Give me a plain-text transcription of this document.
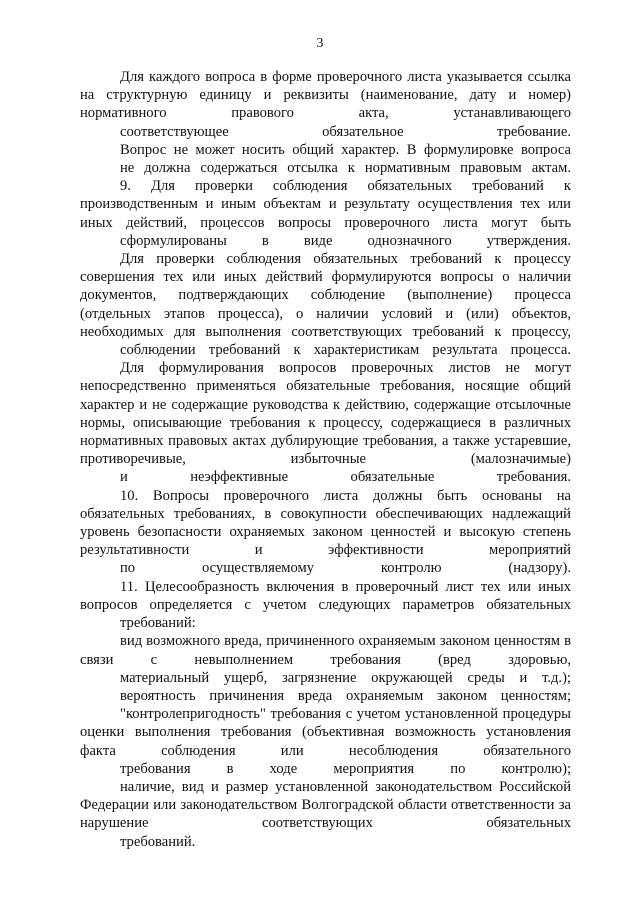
3

Для каждого вопроса в форме проверочного листа указывается ссылка на структурную единицу и реквизиты (наименование, дату и номер) нормативного правового акта, устанавливающего
соответствующее обязательное требование.

Вопрос не может носить общий характер. В формулировке вопроса
не должна содержаться отсылка к нормативным правовым актам.

9. Для проверки соблюдения обязательных требований к производственным и иным объектам и результату осуществления тех или иных действий, процессов вопросы проверочного листа могут быть
сформулированы в виде однозначного утверждения.

Для проверки соблюдения обязательных требований к процессу совершения тех или иных действий формулируются вопросы о наличии документов, подтверждающих соблюдение (выполнение) процесса (отдельных этапов процесса), о наличии условий и (или) объектов, необходимых для выполнения соответствующих требований к процессу,
соблюдении требований к характеристикам результата процесса.

Для формулирования вопросов проверочных листов не могут непосредственно применяться обязательные требования, носящие общий характер и не содержащие руководства к действию, содержащие отсылочные нормы, описывающие требования к процессу, содержащиеся в различных нормативных правовых актах дублирующие требования, а также устаревшие, противоречивые, избыточные (малозначимые)
и неэффективные обязательные требования.

10. Вопросы проверочного листа должны быть основаны на обязательных требованиях, в совокупности обеспечивающих надлежащий уровень безопасности охраняемых законом ценностей и высокую степень результативности и эффективности мероприятий
по осуществляемому контролю (надзору).

11. Целесообразность включения в проверочный лист тех или иных вопросов определяется с учетом следующих параметров обязательных
требований:

вид возможного вреда, причиненного охраняемым законом ценностям в связи с невыполнением требования (вред здоровью,
материальный ущерб, загрязнение окружающей среды и т.д.);

вероятность причинения вреда охраняемым законом ценностям;

"контролепригодность" требования с учетом установленной процедуры оценки выполнения требования (объективная возможность установления факта соблюдения или несоблюдения обязательного
требования в ходе мероприятия по контролю);

наличие, вид и размер установленной законодательством Российской Федерации или законодательством Волгоградской области ответственности за нарушение соответствующих обязательных
требований.
